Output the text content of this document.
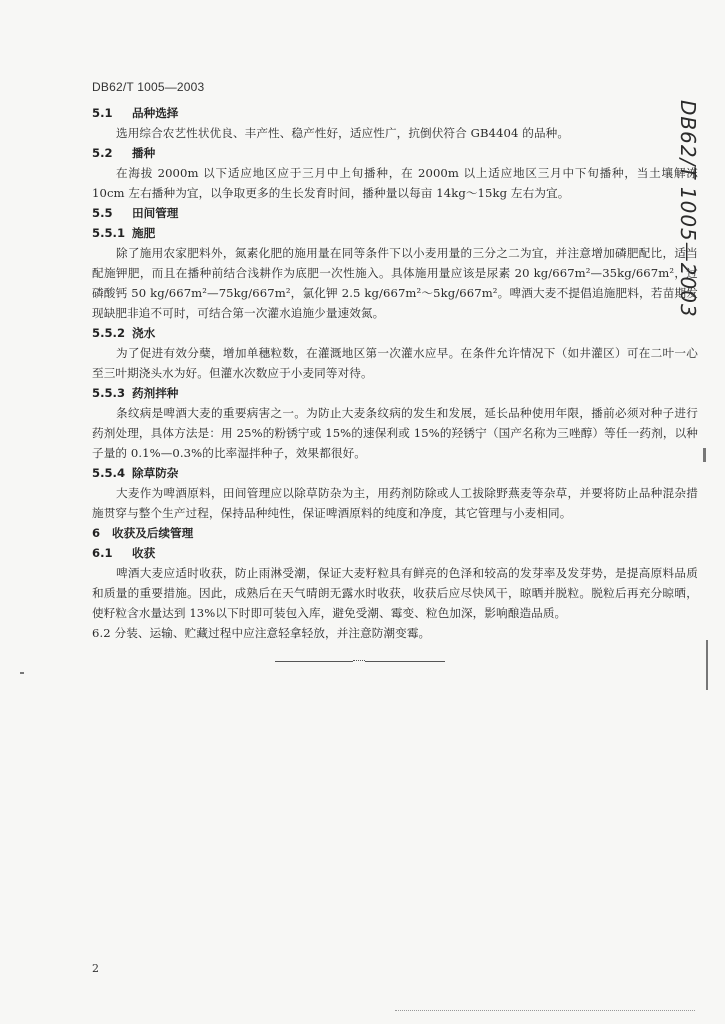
DB62/T 1005—2003
5.1 品种选择

选用综合农艺性状优良、丰产性、稳产性好，适应性广，抗倒伏符合 GB4404 的品种。

5.2 播种

在海拔 2000m 以下适应地区应于三月中上旬播种，在 2000m 以上适应地区三月中下旬播种，当土壤解冻 10cm 左右播种为宜，以争取更多的生长发育时间，播种量以每亩 14kg～15kg 左右为宜。

5.5 田间管理
5.5.1 施肥

除了施用农家肥料外，氮素化肥的施用量在同等条件下以小麦用量的三分之二为宜，并注意增加磷肥配比，适当配施钾肥，而且在播种前结合浅耕作为底肥一次性施入。具体施用量应该是尿素 20 kg/667m²—35kg/667m²，过磷酸钙 50 kg/667m²—75kg/667m²，氯化钾 2.5 kg/667m²～5kg/667m²。啤酒大麦不提倡追施肥料，若苗期发现缺肥非追不可时，可结合第一次灌水追施少量速效氮。

5.5.2 浇水

为了促进有效分蘖，增加单穗粒数，在灌溉地区第一次灌水应早。在条件允许情况下（如井灌区）可在二叶一心至三叶期浇头水为好。但灌水次数应于小麦同等对待。

5.5.3 药剂拌种

条纹病是啤酒大麦的重要病害之一。为防止大麦条纹病的发生和发展，延长品种使用年限，播前必须对种子进行药剂处理，具体方法是：用 25%的粉锈宁或 15%的速保利或 15%的羟锈宁（国产名称为三唑醇）等任一药剂，以种子量的 0.1%—0.3%的比率湿拌种子，效果都很好。

5.5.4 除草防杂

大麦作为啤酒原料，田间管理应以除草防杂为主，用药剂防除或人工拔除野燕麦等杂草，并要将防止品种混杂措施贯穿与整个生产过程，保持品种纯性，保证啤酒原料的纯度和净度，其它管理与小麦相同。

6 收获及后续管理
6.1 收获

啤酒大麦应适时收获，防止雨淋受潮，保证大麦籽粒具有鲜亮的色泽和较高的发芽率及发芽势，是提高原料品质和质量的重要措施。因此，成熟后在天气晴朗无露水时收获，收获后应尽快风干，晾晒并脱粒。脱粒后再充分晾晒，使籽粒含水量达到 13%以下时即可装包入库，避免受潮、霉变、粒色加深，影响酿造品质。

6.2 分装、运输、贮藏过程中应注意轻拿轻放，并注意防潮变霉。

DB62/T 1005—2003
2
